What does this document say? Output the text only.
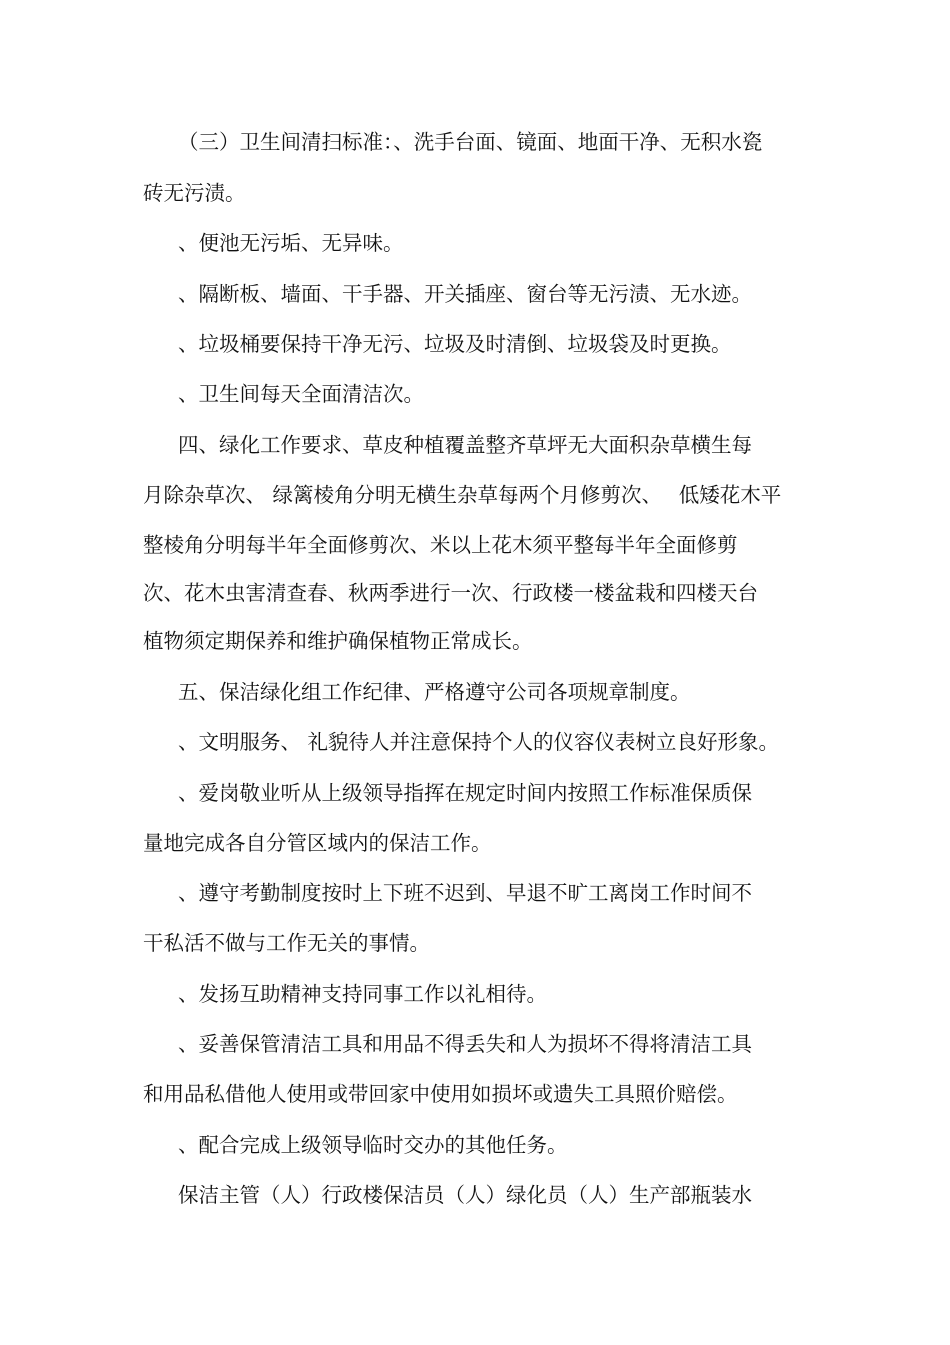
（三）卫生间清扫标准：、洗手台面、镜面、地面干净、无积水瓷
砖无污渍。
、便池无污垢、无异味。
、隔断板、墙面、干手器、开关插座、窗台等无污渍、无水迹。
、垃圾桶要保持干净无污、垃圾及时清倒、垃圾袋及时更换。
、卫生间每天全面清洁次。
四、绿化工作要求、草皮种植覆盖整齐草坪无大面积杂草横生每
月除杂草次、 绿篱棱角分明无横生杂草每两个月修剪次、　 低矮花木平
整棱角分明每半年全面修剪次、米以上花木须平整每半年全面修剪
次、花木虫害清查春、秋两季进行一次、行政楼一楼盆栽和四楼天台
植物须定期保养和维护确保植物正常成长。
五、保洁绿化组工作纪律、严格遵守公司各项规章制度。
、文明服务、 礼貌待人并注意保持个人的仪容仪表树立良好形象。
、爱岗敬业听从上级领导指挥在规定时间内按照工作标准保质保
量地完成各自分管区域内的保洁工作。
、遵守考勤制度按时上下班不迟到、早退不旷工离岗工作时间不
干私活不做与工作无关的事情。
、发扬互助精神支持同事工作以礼相待。
、妥善保管清洁工具和用品不得丢失和人为损坏不得将清洁工具
和用品私借他人使用或带回家中使用如损坏或遗失工具照价赔偿。
、配合完成上级领导临时交办的其他任务。
保洁主管（人）行政楼保洁员（人）绿化员（人）生产部瓶装水
